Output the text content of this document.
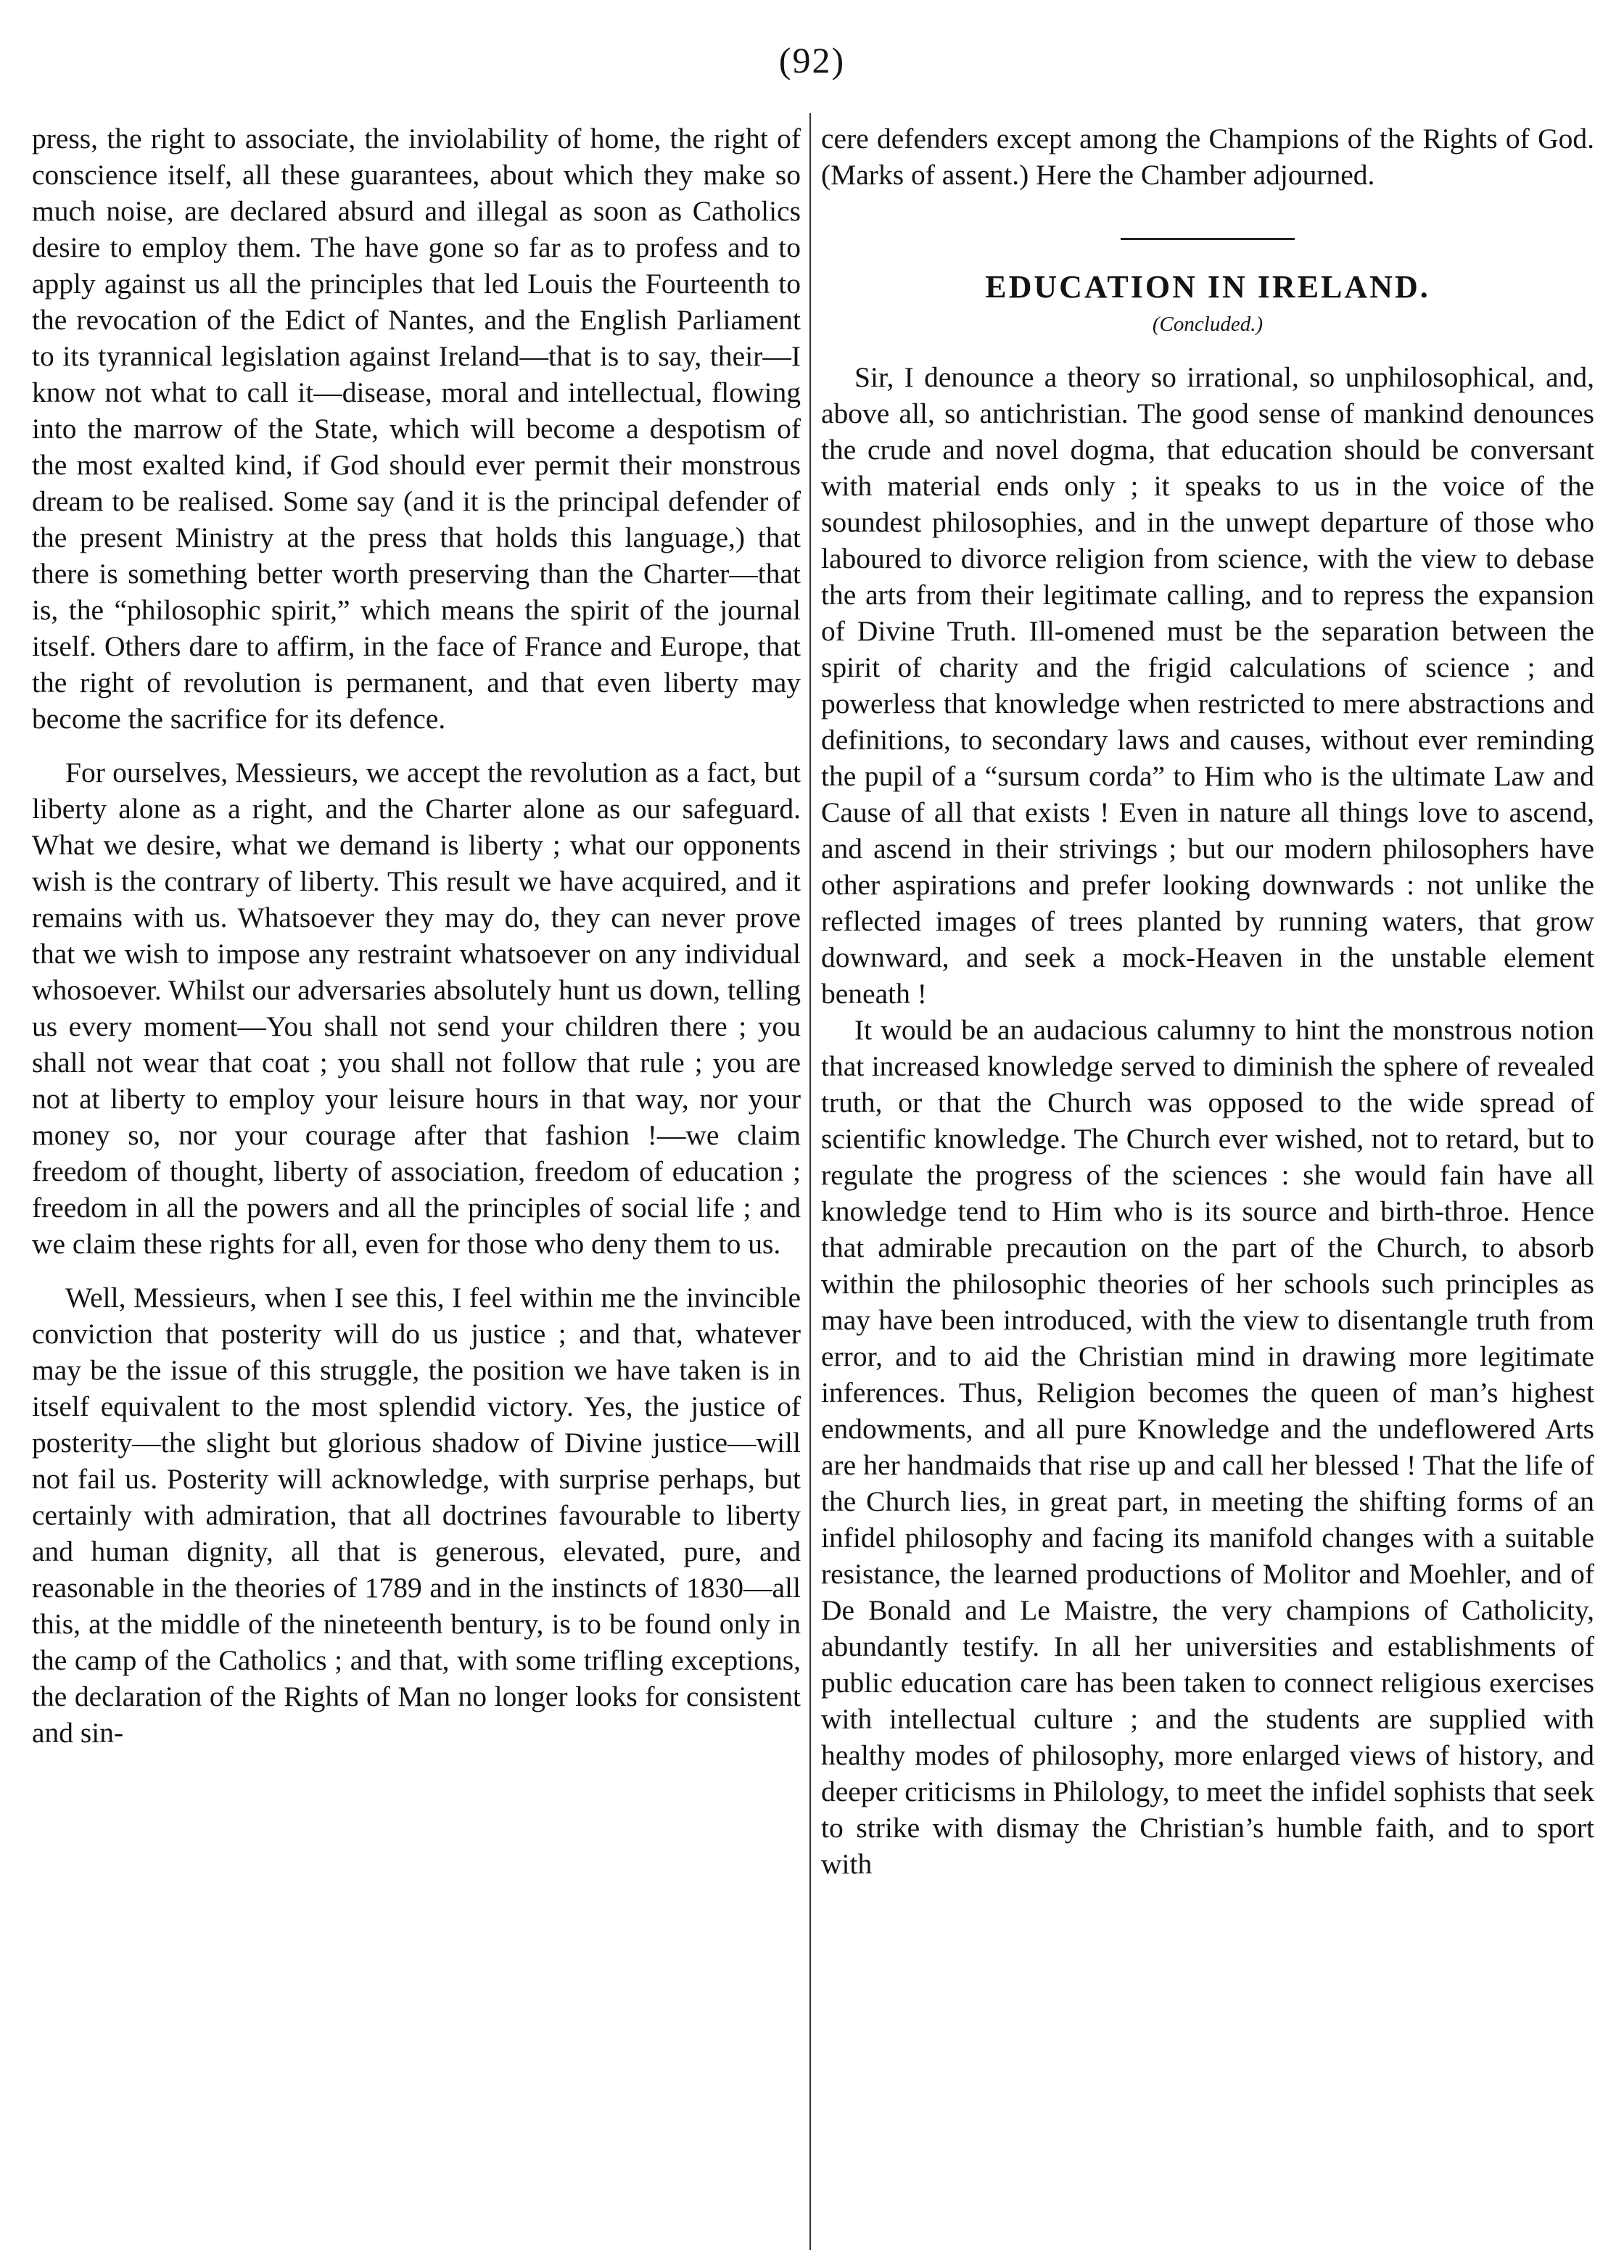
(92)

press, the right to associate, the inviolability of home, the right of conscience itself, all these guarantees, about which they make so much noise, are declared absurd and illegal as soon as Catholics desire to employ them. The have gone so far as to profess and to apply against us all the principles that led Louis the Fourteenth to the revocation of the Edict of Nantes, and the English Parliament to its tyrannical legislation against Ireland—that is to say, their—I know not what to call it—disease, moral and intellectual, flowing into the marrow of the State, which will become a despotism of the most exalted kind, if God should ever permit their monstrous dream to be realised. Some say (and it is the principal defender of the present Ministry at the press that holds this language,) that there is something better worth preserving than the Charter—that is, the “philosophic spirit,” which means the spirit of the journal itself. Others dare to affirm, in the face of France and Europe, that the right of revolution is permanent, and that even liberty may become the sacrifice for its defence.

For ourselves, Messieurs, we accept the revolution as a fact, but liberty alone as a right, and the Charter alone as our safeguard. What we desire, what we demand is liberty ; what our opponents wish is the contrary of liberty. This result we have acquired, and it remains with us. Whatsoever they may do, they can never prove that we wish to impose any restraint whatsoever on any individual whosoever. Whilst our adversaries absolutely hunt us down, telling us every moment—You shall not send your children there ; you shall not wear that coat ; you shall not follow that rule ; you are not at liberty to employ your leisure hours in that way, nor your money so, nor your courage after that fashion !—we claim freedom of thought, liberty of association, freedom of education ; freedom in all the powers and all the principles of social life ; and we claim these rights for all, even for those who deny them to us.

Well, Messieurs, when I see this, I feel within me the invincible conviction that posterity will do us justice ; and that, whatever may be the issue of this struggle, the position we have taken is in itself equivalent to the most splendid victory. Yes, the justice of posterity—the slight but glorious shadow of Divine justice—will not fail us. Posterity will acknowledge, with surprise perhaps, but certainly with admiration, that all doctrines favourable to liberty and human dignity, all that is generous, elevated, pure, and reasonable in the theories of 1789 and in the instincts of 1830—all this, at the middle of the nineteenth bentury, is to be found only in the camp of the Catholics ; and that, with some trifling exceptions, the declaration of the Rights of Man no longer looks for consistent and sin-

cere defenders except among the Champions of the Rights of God. (Marks of assent.) Here the Chamber adjourned.

EDUCATION IN IRELAND.
(Concluded.)

Sir, I denounce a theory so irrational, so unphilosophical, and, above all, so antichristian. The good sense of mankind denounces the crude and novel dogma, that education should be conversant with material ends only ; it speaks to us in the voice of the soundest philosophies, and in the unwept departure of those who laboured to divorce religion from science, with the view to debase the arts from their legitimate calling, and to repress the expansion of Divine Truth. Ill-omened must be the separation between the spirit of charity and the frigid calculations of science ; and powerless that knowledge when restricted to mere abstractions and definitions, to secondary laws and causes, without ever reminding the pupil of a “sursum corda” to Him who is the ultimate Law and Cause of all that exists ! Even in nature all things love to ascend, and ascend in their strivings ; but our modern philosophers have other aspirations and prefer looking downwards : not unlike the reflected images of trees planted by running waters, that grow downward, and seek a mock-Heaven in the unstable element beneath !

It would be an audacious calumny to hint the monstrous notion that increased knowledge served to diminish the sphere of revealed truth, or that the Church was opposed to the wide spread of scientific knowledge. The Church ever wished, not to retard, but to regulate the progress of the sciences : she would fain have all knowledge tend to Him who is its source and birth-throe. Hence that admirable precaution on the part of the Church, to absorb within the philosophic theories of her schools such principles as may have been introduced, with the view to disentangle truth from error, and to aid the Christian mind in drawing more legitimate inferences. Thus, Religion becomes the queen of man’s highest endowments, and all pure Knowledge and the undeflowered Arts are her handmaids that rise up and call her blessed ! That the life of the Church lies, in great part, in meeting the shifting forms of an infidel philosophy and facing its manifold changes with a suitable resistance, the learned productions of Molitor and Moehler, and of De Bonald and Le Maistre, the very champions of Catholicity, abundantly testify. In all her universities and establishments of public education care has been taken to connect religious exercises with intellectual culture ; and the students are supplied with healthy modes of philosophy, more enlarged views of history, and deeper criticisms in Philology, to meet the infidel sophists that seek to strike with dismay the Christian’s humble faith, and to sport with
